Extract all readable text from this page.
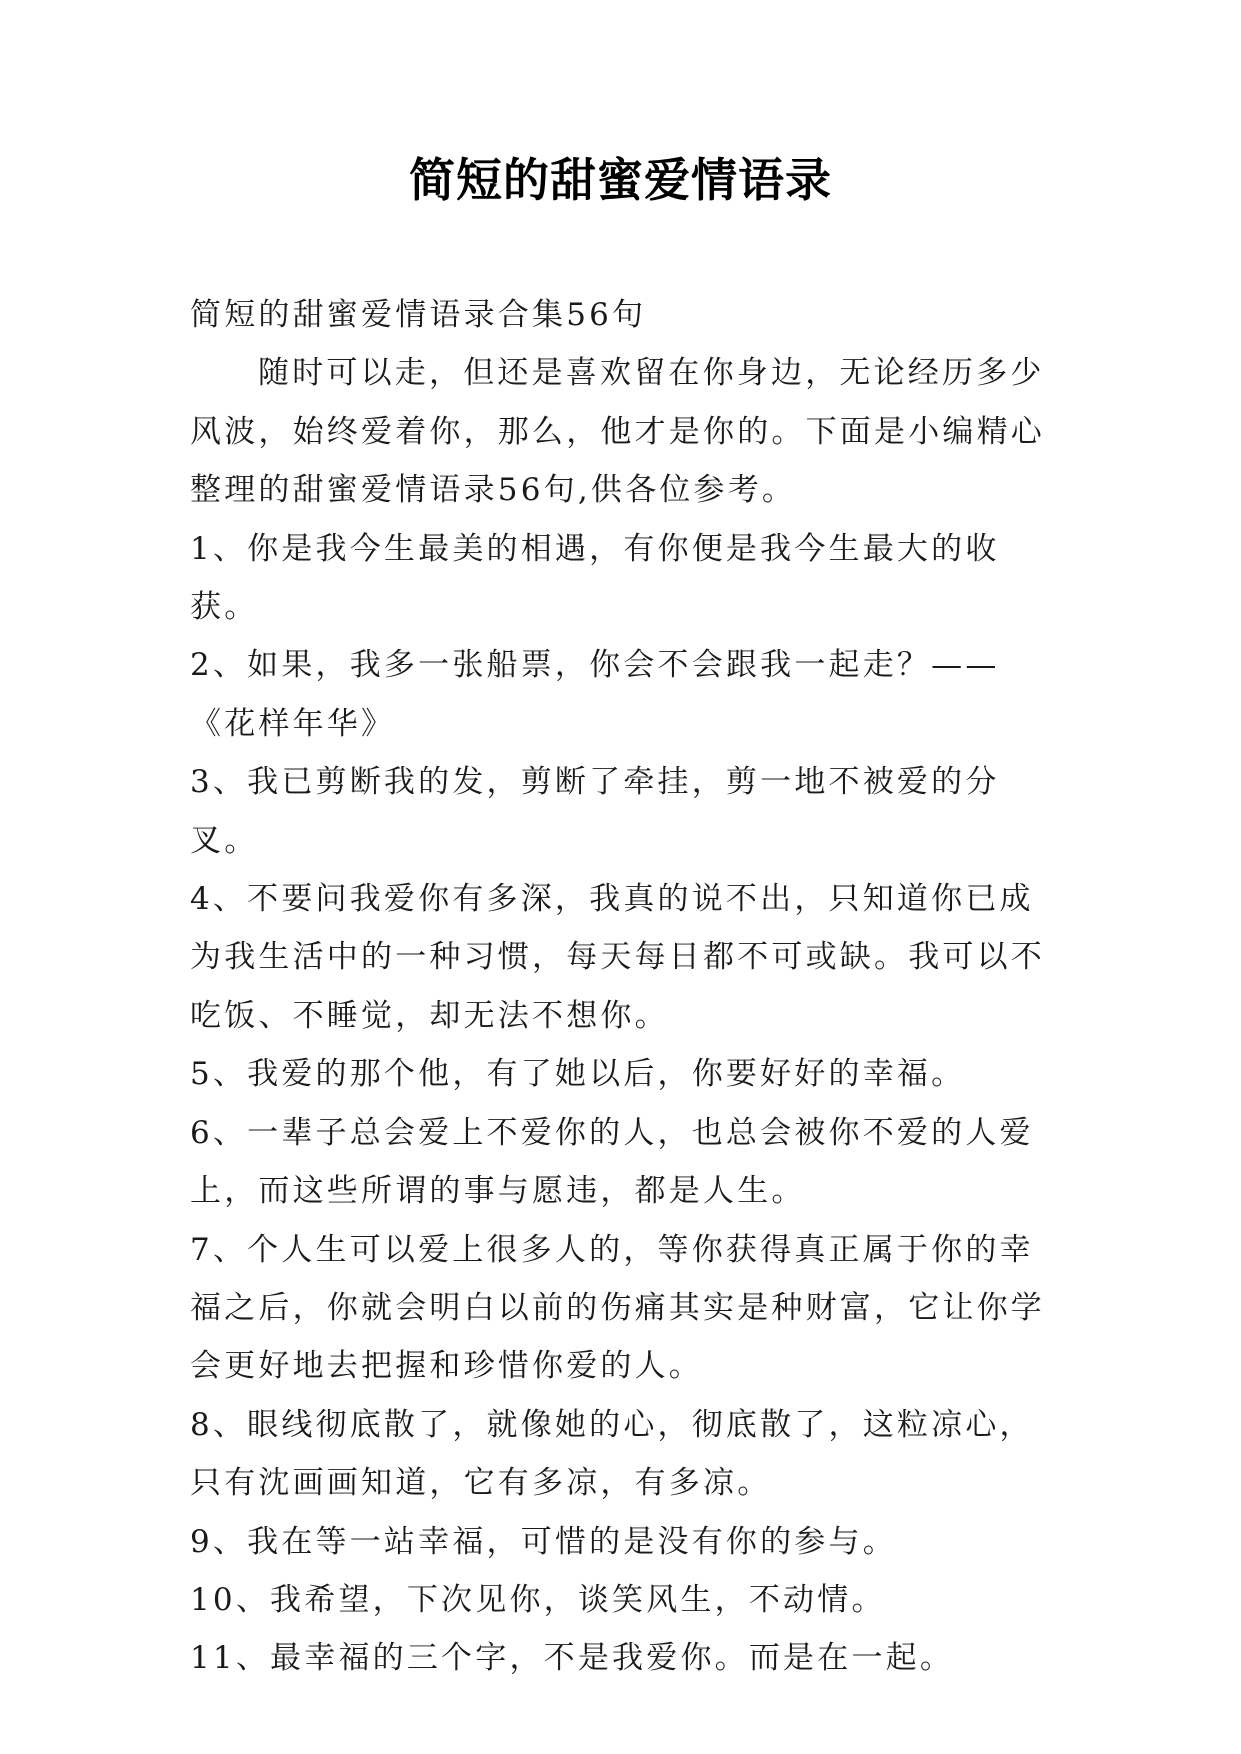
简短的甜蜜爱情语录

简短的甜蜜爱情语录合集56句

随时可以走，但还是喜欢留在你身边，无论经历多少风波，始终爱着你，那么，他才是你的。下面是小编精心整理的甜蜜爱情语录56句,供各位参考。

1、你是我今生最美的相遇，有你便是我今生最大的收获。

2、如果，我多一张船票，你会不会跟我一起走？——《花样年华》

3、我已剪断我的发，剪断了牵挂，剪一地不被爱的分叉。

4、不要问我爱你有多深，我真的说不出，只知道你已成为我生活中的一种习惯，每天每日都不可或缺。我可以不吃饭、不睡觉，却无法不想你。

5、我爱的那个他，有了她以后，你要好好的幸福。

6、一辈子总会爱上不爱你的人，也总会被你不爱的人爱上，而这些所谓的事与愿违，都是人生。

7、个人生可以爱上很多人的，等你获得真正属于你的幸福之后，你就会明白以前的伤痛其实是种财富，它让你学会更好地去把握和珍惜你爱的人。

8、眼线彻底散了，就像她的心，彻底散了，这粒凉心，只有沈画画知道，它有多凉，有多凉。

9、我在等一站幸福，可惜的是没有你的参与。

10、我希望，下次见你，谈笑风生，不动情。

11、最幸福的三个字，不是我爱你。而是在一起。
